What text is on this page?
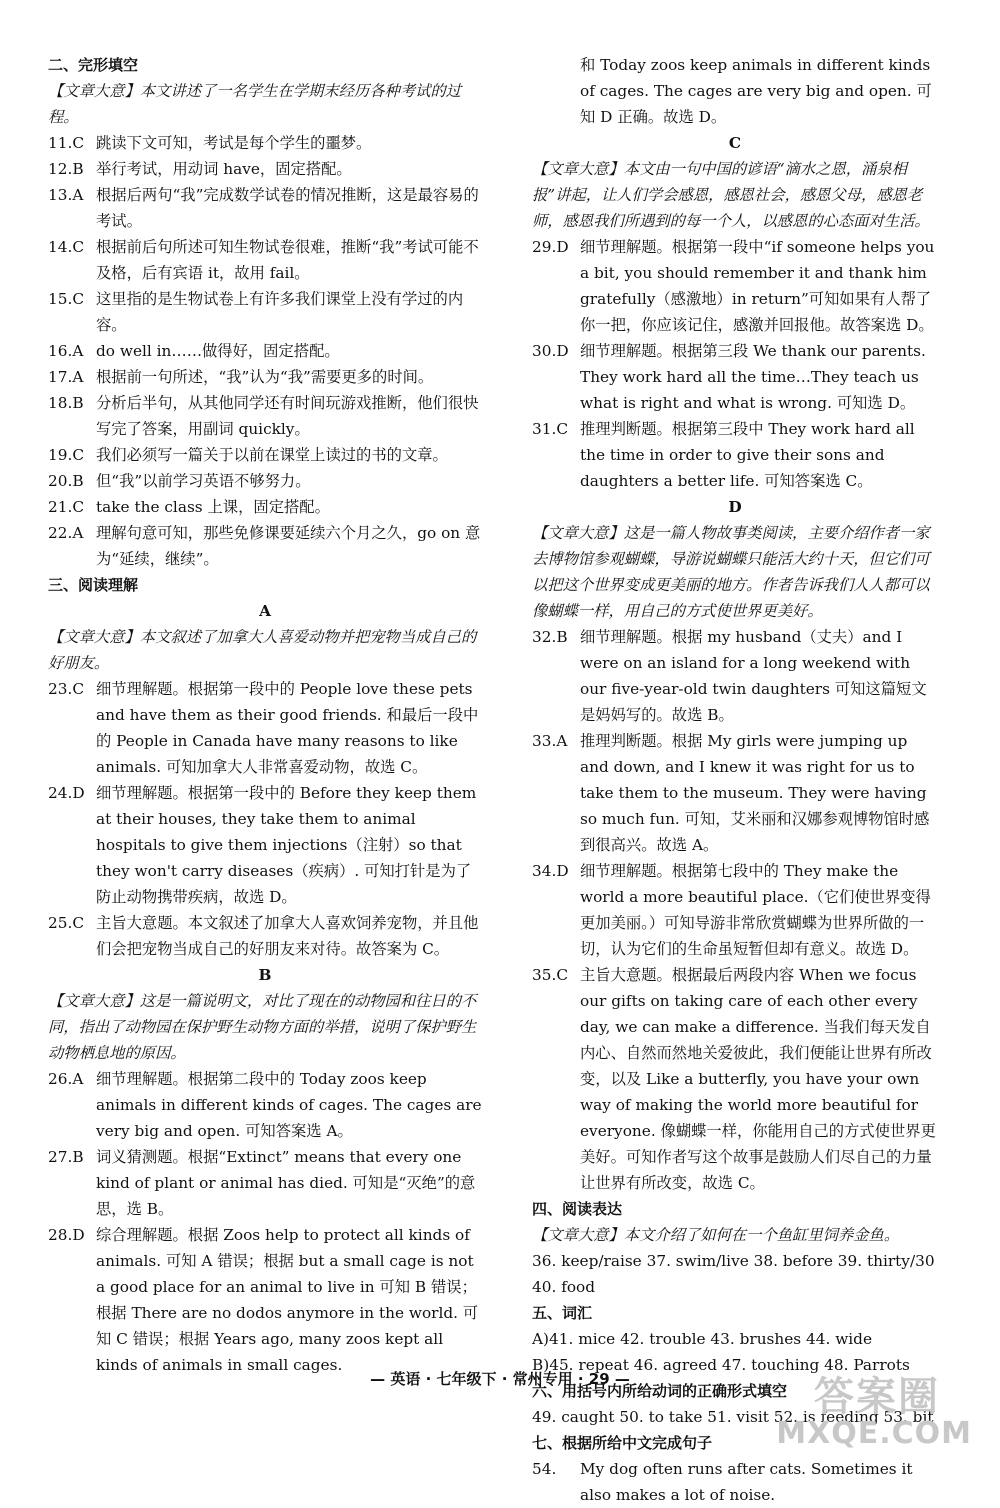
二、完形填空
【文章大意】本文讲述了一名学生在学期末经历各种考试的过程。
11.C 跳读下文可知，考试是每个学生的噩梦。
12.B 举行考试，用动词 have，固定搭配。
13.A 根据后两句“我”完成数学试卷的情况推断，这是最容易的考试。
14.C 根据前后句所述可知生物试卷很难，推断“我”考试可能不及格，后有宾语 it，故用 fail。
15.C 这里指的是生物试卷上有许多我们课堂上没有学过的内容。
16.A do well in……做得好，固定搭配。
17.A 根据前一句所述，“我”认为“我”需要更多的时间。
18.B 分析后半句，从其他同学还有时间玩游戏推断，他们很快写完了答案，用副词 quickly。
19.C 我们必须写一篇关于以前在课堂上读过的书的文章。
20.B 但“我”以前学习英语不够努力。
21.C take the class 上课，固定搭配。
22.A 理解句意可知，那些免修课要延续六个月之久，go on 意为“延续，继续”。
三、阅读理解
A
【文章大意】本文叙述了加拿大人喜爱动物并把宠物当成自己的好朋友。
23.C 细节理解题。根据第一段中的 People love these pets and have them as their good friends. 和最后一段中的 People in Canada have many reasons to like animals. 可知加拿大人非常喜爱动物，故选 C。
24.D 细节理解题。根据第一段中的 Before they keep them at their houses, they take them to animal hospitals to give them injections（注射）so that they won't carry diseases（疾病）. 可知打针是为了防止动物携带疾病，故选 D。
25.C 主旨大意题。本文叙述了加拿大人喜欢饲养宠物，并且他们会把宠物当成自己的好朋友来对待。故答案为 C。
B
【文章大意】这是一篇说明文，对比了现在的动物园和往日的不同，指出了动物园在保护野生动物方面的举措，说明了保护野生动物栖息地的原因。
26.A 细节理解题。根据第二段中的 Today zoos keep animals in different kinds of cages. The cages are very big and open. 可知答案选 A。
27.B 词义猜测题。根据“Extinct” means that every one kind of plant or animal has died. 可知是“灭绝”的意思，选 B。
28.D 综合理解题。根据 Zoos help to protect all kinds of animals. 可知 A 错误；根据 but a small cage is not a good place for an animal to live in 可知 B 错误；根据 There are no dodos anymore in the world. 可知 C 错误；根据 Years ago, many zoos kept all kinds of animals in small cages.
和 Today zoos keep animals in different kinds of cages. The cages are very big and open. 可知 D 正确。故选 D。
C
【文章大意】本文由一句中国的谚语“滴水之恩，涌泉相报”讲起，让人们学会感恩，感恩社会，感恩父母，感恩老师，感恩我们所遇到的每一个人，以感恩的心态面对生活。
29.D 细节理解题。根据第一段中“if someone helps you a bit, you should remember it and thank him gratefully（感激地）in return”可知如果有人帮了你一把，你应该记住，感激并回报他。故答案选 D。
30.D 细节理解题。根据第三段 We thank our parents. They work hard all the time…They teach us what is right and what is wrong. 可知选 D。
31.C 推理判断题。根据第三段中 They work hard all the time in order to give their sons and daughters a better life. 可知答案选 C。
D
【文章大意】这是一篇人物故事类阅读，主要介绍作者一家去博物馆参观蝴蝶，导游说蝴蝶只能活大约十天，但它们可以把这个世界变成更美丽的地方。作者告诉我们人人都可以像蝴蝶一样，用自己的方式使世界更美好。
32.B 细节理解题。根据 my husband（丈夫）and I were on an island for a long weekend with our five-year-old twin daughters 可知这篇短文是妈妈写的。故选 B。
33.A 推理判断题。根据 My girls were jumping up and down, and I knew it was right for us to take them to the museum. They were having so much fun. 可知，艾米丽和汉娜参观博物馆时感到很高兴。故选 A。
34.D 细节理解题。根据第七段中的 They make the world a more beautiful place.（它们使世界变得更加美丽。）可知导游非常欣赏蝴蝶为世界所做的一切，认为它们的生命虽短暂但却有意义。故选 D。
35.C 主旨大意题。根据最后两段内容 When we focus our gifts on taking care of each other every day, we can make a difference. 当我们每天发自内心、自然而然地关爱彼此，我们便能让世界有所改变，以及 Like a butterfly, you have your own way of making the world more beautiful for everyone. 像蝴蝶一样，你能用自己的方式使世界更美好。可知作者写这个故事是鼓励人们尽自己的力量让世界有所改变，故选 C。
四、阅读表达
【文章大意】本文介绍了如何在一个鱼缸里饲养金鱼。
36. keep/raise 37. swim/live 38. before 39. thirty/30
40. food
五、词汇
A)41. mice 42. trouble 43. brushes 44. wide
B)45. repeat 46. agreed 47. touching 48. Parrots
六、用括号内所给动词的正确形式填空
49. caught 50. to take 51. visit 52. is feeding 53. bit
七、根据所给中文完成句子
54.	My dog often runs after cats. Sometimes it also makes a lot of noise.
— 英语 · 七年级下 · 常州专用 · 29 —	答案圈
MXQE.COM
